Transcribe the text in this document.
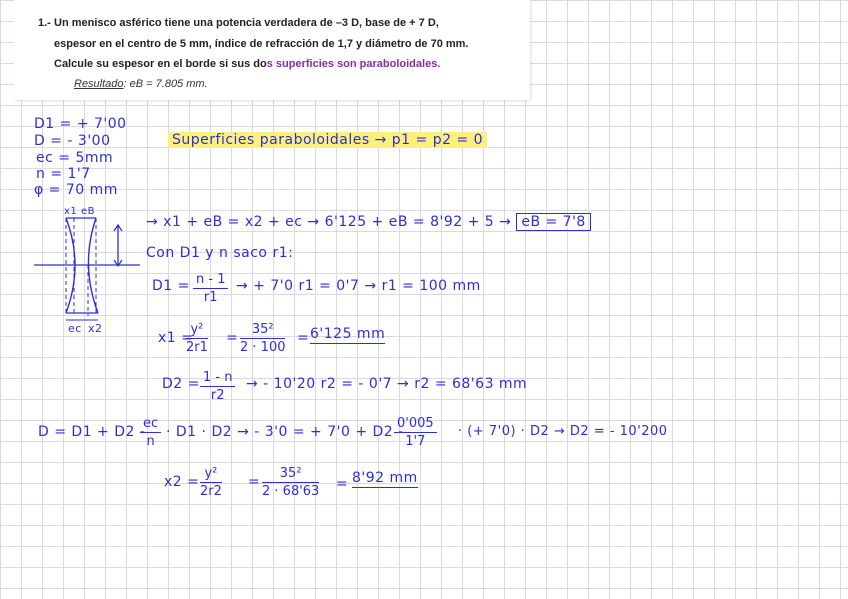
1.- Un menisco asférico tiene una potencia verdadera de –3 D, base de + 7 D,
espesor en el centro de 5 mm, índice de refracción de 1,7 y diámetro de 70 mm.
Calcule su espesor en el borde si sus dos superficies son paraboloidales.
Resultado: eB = 7.805 mm.
D1 = + 7'00
D = - 3'00
ec = 5mm
n = 1'7
φ = 70 mm
Superficies paraboloidales → p1 = p2 = 0
x1 eB
ec x2
→ x1 + eB = x2 + ec → 6'125 + eB = 8'92 + 5 → eB = 7'8
Con D1 y n saco r1:
$D1 = \frac{n - 1}{r1}$ → + 7'0 r1 = 0'7 → r1 = 100 mm
x1 =
$\frac{\text{y²}}{2r1} = \frac{\text{35²}}{2 \cdot 100} = 6'125$ mm
$D2 = \frac{1 - n}{r2}$ → - 10'20 r2 = - 0'7 → r2 = 68'63 mm
D = D1 + D2 -
$\frac{ec}{n} \cdot D1 \cdot D2$ → - 3'0 = + 7'0 + D2 -
$\frac{0'005}{1'7}$ · (+ 7'0) · D2 → D2 = - 10'200
$x2 = \frac{\text{y²}}{2r2} = \frac{\text{35²}}{2 \cdot 68'63} = 8'92$ mm
